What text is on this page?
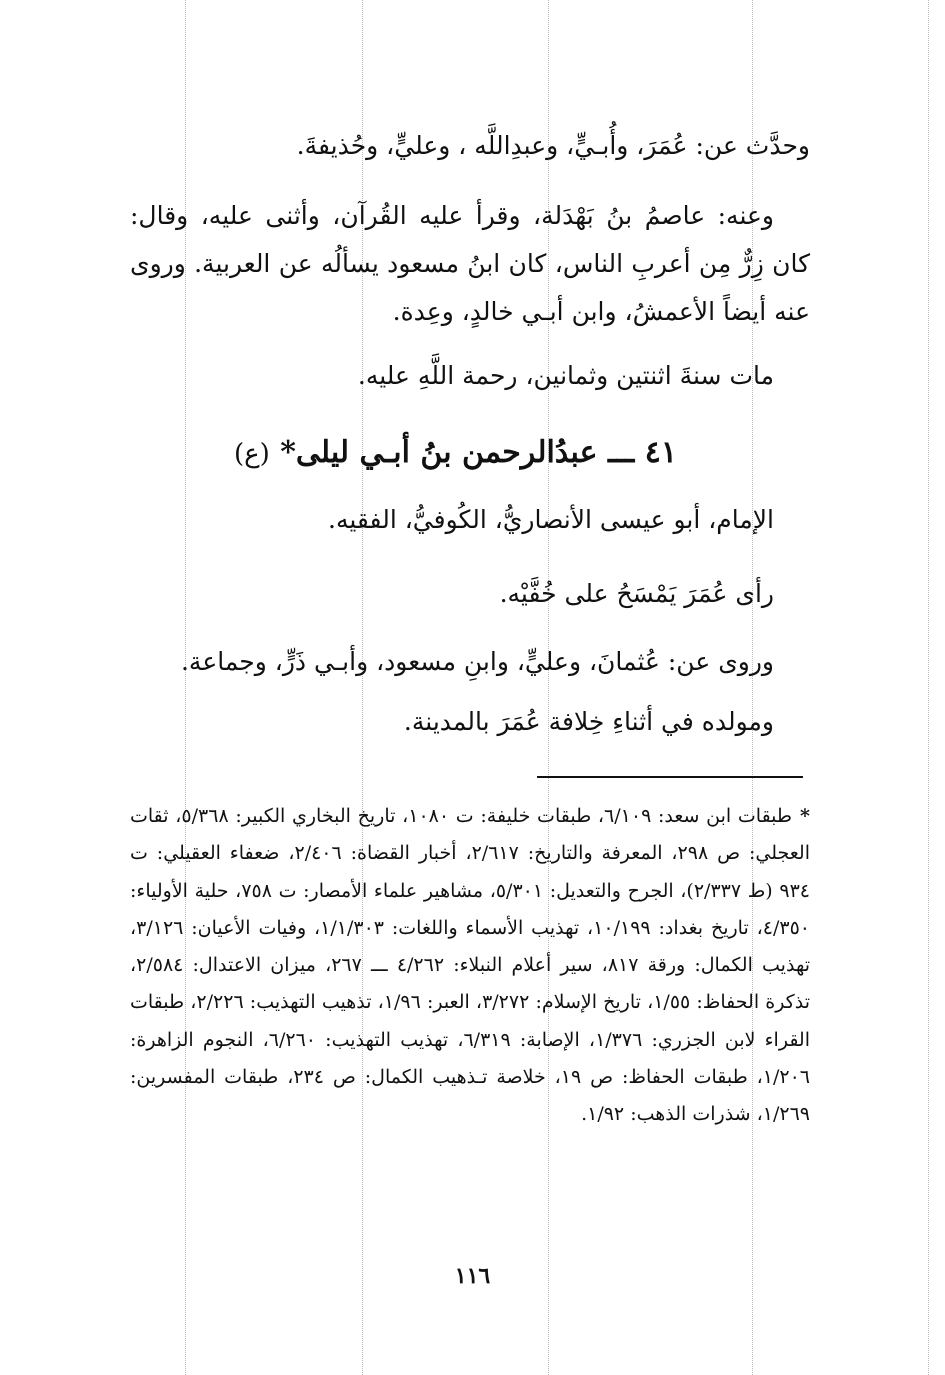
وحدَّث عن: عُمَرَ، وأُبـيٍّ، وعبدِاللَّه ، وعليٍّ، وحُذيفةَ.

وعنه: عاصمُ بنُ بَهْدَلة، وقرأ عليه القُرآن، وأثنى عليه، وقال: كان زِرٌّ مِن أعربِ الناس، كان ابنُ مسعود يسألُه عن العربية. وروى عنه أيضاً الأعمشُ، وابن أبـي خالدٍ، وعِدة.

مات سنةَ اثنتين وثمانين، رحمة اللَّهِ عليه.

٤١ ـــ عبدُالرحمن بنُ أبـي ليلى* (ع)

الإمام، أبو عيسى الأنصاريُّ، الكُوفيُّ، الفقيه.

رأى عُمَرَ يَمْسَحُ على خُفَّيْه.

وروى عن: عُثمانَ، وعليٍّ، وابنِ مسعود، وأبـي ذَرٍّ، وجماعة.

ومولده في أثناءِ خِلافة عُمَرَ بالمدينة.

*طبقات ابن سعد: ٦/١٠٩، طبقات خليفة: ت ١٠٨٠، تاريخ البخاري الكبير: ٥/٣٦٨، ثقات العجلي: ص ٢٩٨، المعرفة والتاريخ: ٢/٦١٧، أخبار القضاة: ٢/٤٠٦، ضعفاء العقيلي: ت ٩٣٤ (ط ٢/٣٣٧)، الجرح والتعديل: ٥/٣٠١، مشاهير علماء الأمصار: ت ٧٥٨، حلية الأولياء: ٤/٣٥٠، تاريخ بغداد: ١٠/١٩٩، تهذيب الأسماء واللغات: ١/١/٣٠٣، وفيات الأعيان: ٣/١٢٦، تهذيب الكمال: ورقة ٨١٧، سير أعلام النبلاء: ٤/٢٦٢ ـــ ٢٦٧، ميزان الاعتدال: ٢/٥٨٤، تذكرة الحفاظ: ١/٥٥، تاريخ الإسلام: ٣/٢٧٢، العبر: ١/٩٦، تذهيب التهذيب: ٢/٢٢٦، طبقات القراء لابن الجزري: ١/٣٧٦، الإصابة: ٦/٣١٩، تهذيب التهذيب: ٦/٢٦٠، النجوم الزاهرة: ١/٢٠٦، طبقات الحفاظ: ص ١٩، خلاصة تـذهيب الكمال: ص ٢٣٤، طبقات المفسرين: ١/٢٦٩، شذرات الذهب: ١/٩٢.

١١٦
